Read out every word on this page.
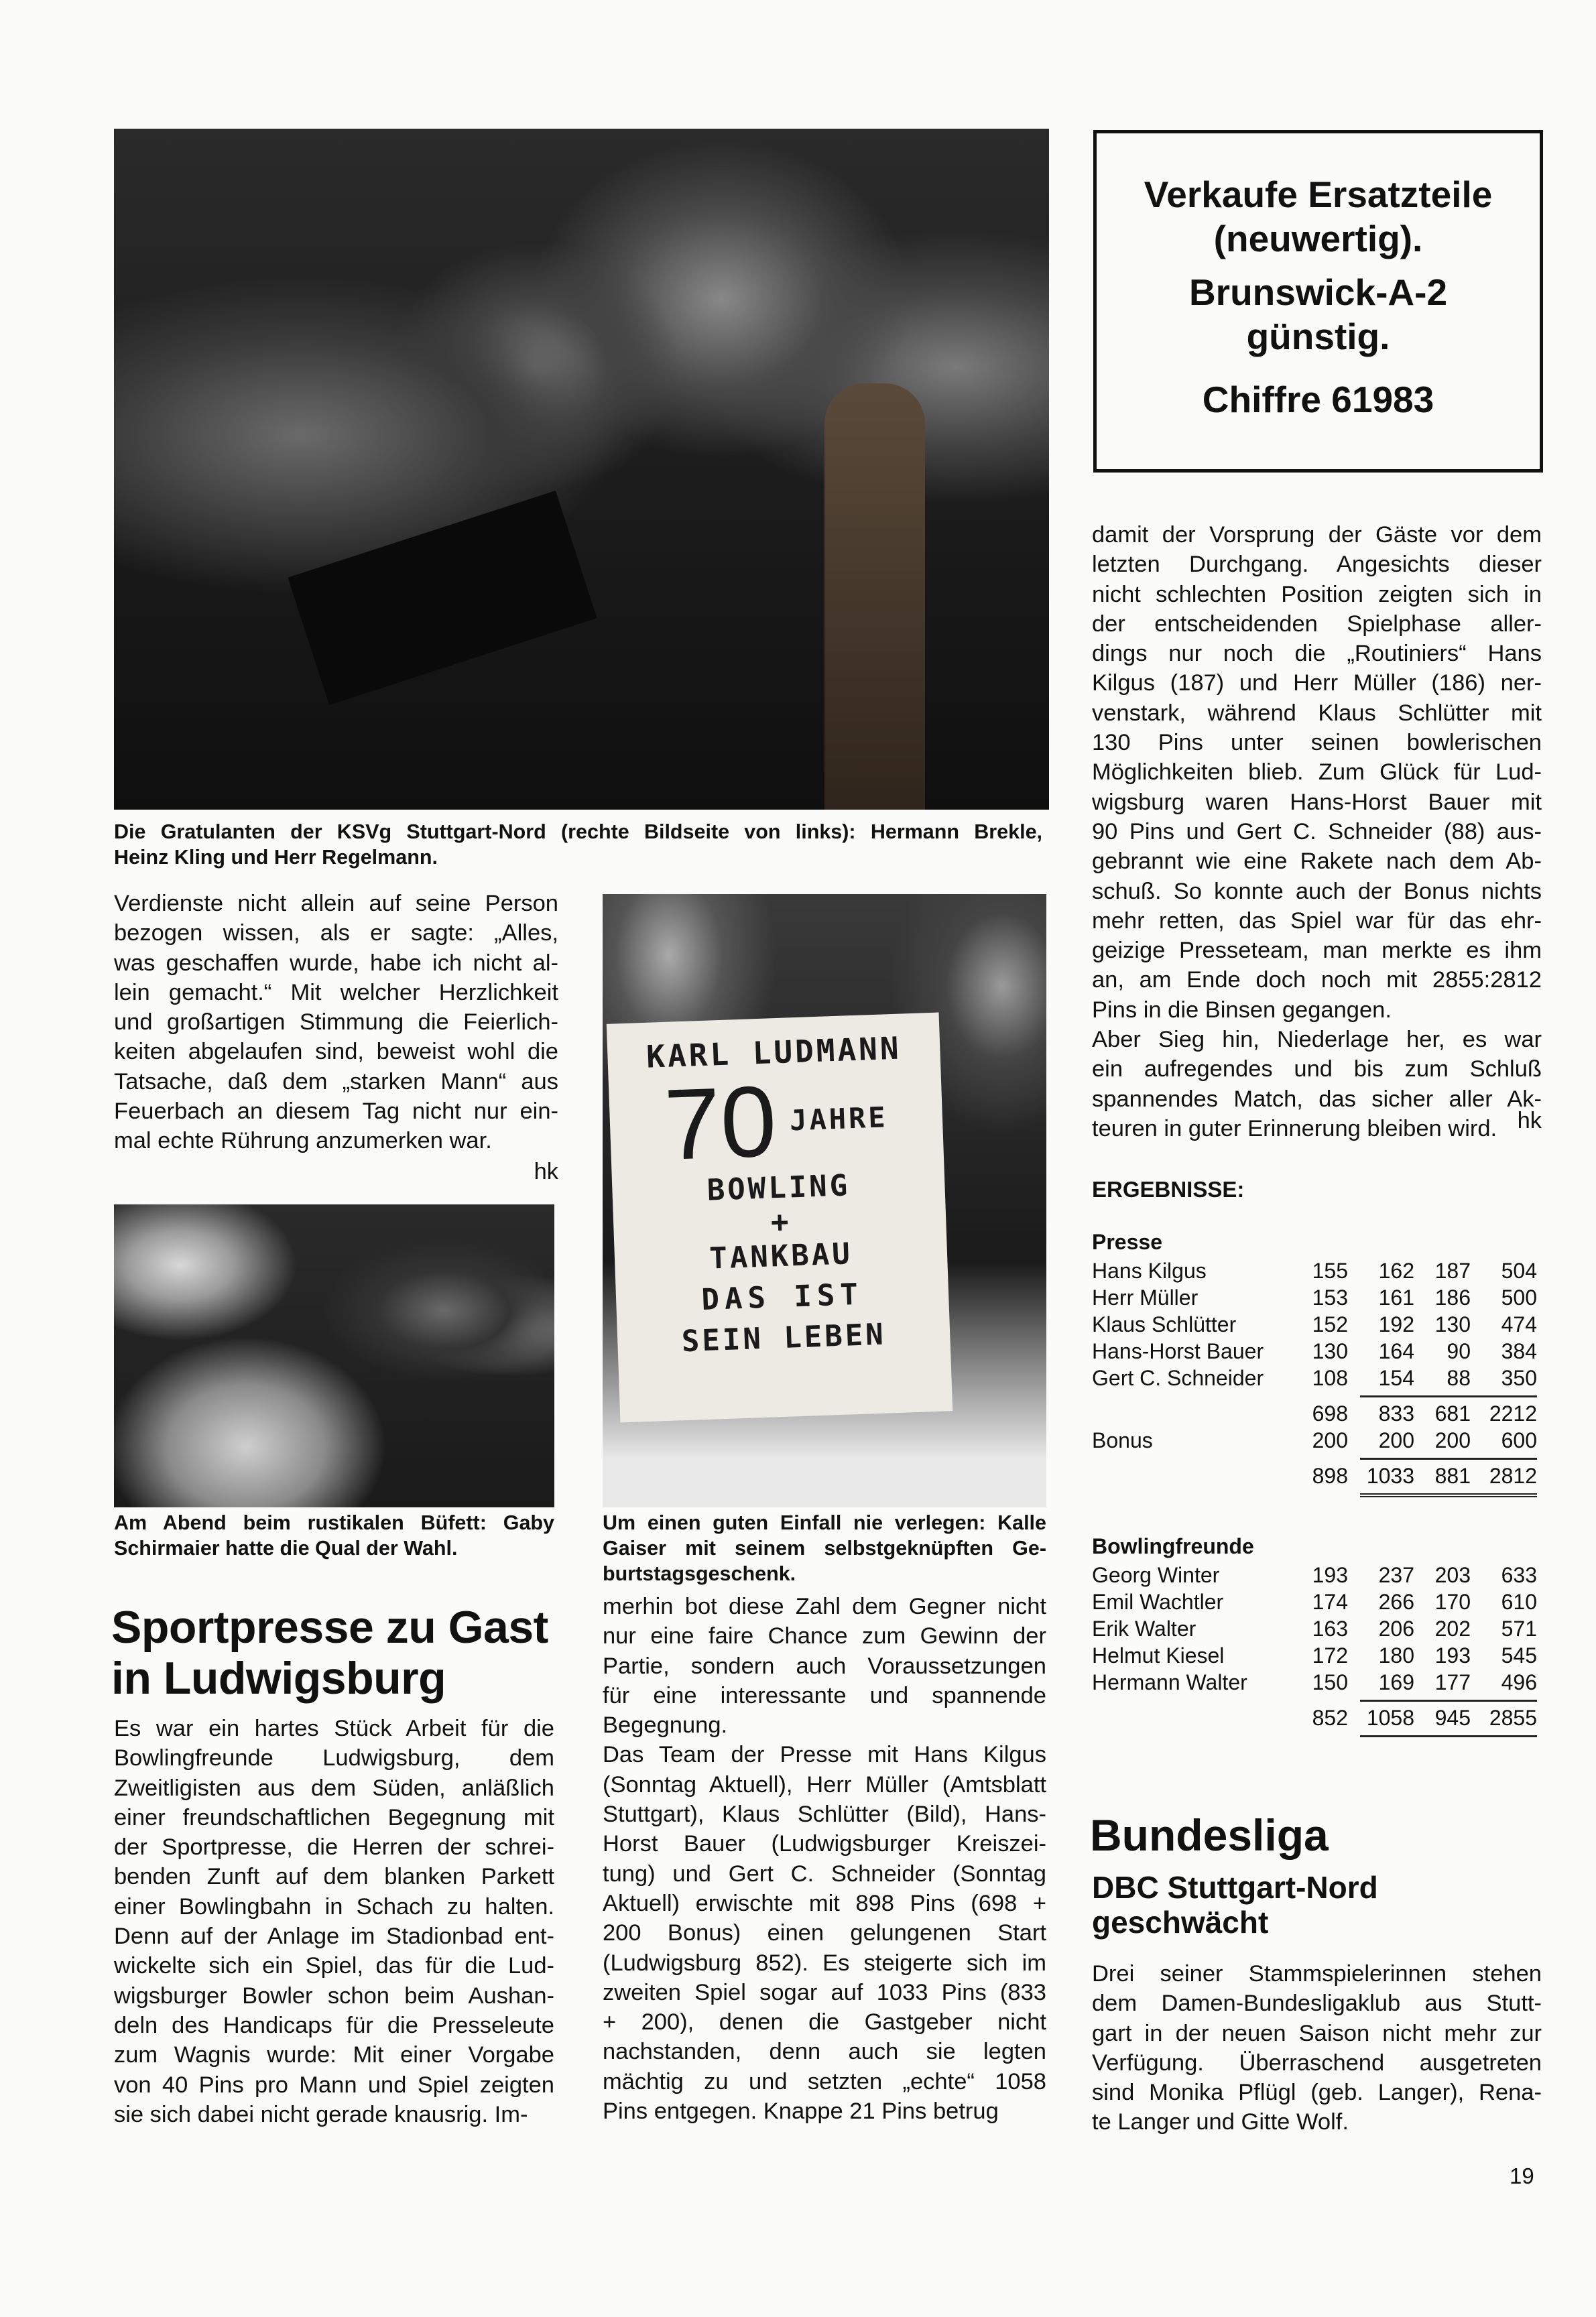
Verkaufe Ersatzteile
(neuwertig).
Brunswick-A-2
günstig.
Chiffre 61983
Die Gratulanten der KSVg Stuttgart-Nord (rechte Bildseite von links): Hermann Brekle,
Heinz Kling und Herr Regelmann.
Verdienste nicht allein auf seine Person
bezogen wissen, als er sagte: „Alles,
was geschaffen wurde, habe ich nicht al-
lein gemacht.“ Mit welcher Herzlichkeit
und großartigen Stimmung die Feierlich-
keiten abgelaufen sind, beweist wohl die
Tatsache, daß dem „starken Mann“ aus
Feuerbach an diesem Tag nicht nur ein-
mal echte Rührung anzumerken war.
hk
Am Abend beim rustikalen Büfett: Gaby
Schirmaier hatte die Qual der Wahl.
Sportpresse zu Gast
in Ludwigsburg
Es war ein hartes Stück Arbeit für die
Bowlingfreunde Ludwigsburg, dem
Zweitligisten aus dem Süden, anläßlich
einer freundschaftlichen Begegnung mit
der Sportpresse, die Herren der schrei-
benden Zunft auf dem blanken Parkett
einer Bowlingbahn in Schach zu halten.
Denn auf der Anlage im Stadionbad ent-
wickelte sich ein Spiel, das für die Lud-
wigsburger Bowler schon beim Aushan-
deln des Handicaps für die Presseleute
zum Wagnis wurde: Mit einer Vorgabe
von 40 Pins pro Mann und Spiel zeigten
sie sich dabei nicht gerade knausrig. Im-
KARL LUDMANN
70 JAHRE
BOWLING
+
TANKBAU
DAS IST
SEIN LEBEN
Um einen guten Einfall nie verlegen: Kalle
Gaiser mit seinem selbstgeknüpften Ge-
burtstagsgeschenk.
merhin bot diese Zahl dem Gegner nicht
nur eine faire Chance zum Gewinn der
Partie, sondern auch Voraussetzungen
für eine interessante und spannende
Begegnung.
Das Team der Presse mit Hans Kilgus
(Sonntag Aktuell), Herr Müller (Amtsblatt
Stuttgart), Klaus Schlütter (Bild), Hans-
Horst Bauer (Ludwigsburger Kreiszei-
tung) und Gert C. Schneider (Sonntag
Aktuell) erwischte mit 898 Pins (698 +
200 Bonus) einen gelungenen Start
(Ludwigsburg 852). Es steigerte sich im
zweiten Spiel sogar auf 1033 Pins (833
+ 200), denen die Gastgeber nicht
nachstanden, denn auch sie legten
mächtig zu und setzten „echte“ 1058
Pins entgegen. Knappe 21 Pins betrug
damit der Vorsprung der Gäste vor dem
letzten Durchgang. Angesichts dieser
nicht schlechten Position zeigten sich in
der entscheidenden Spielphase aller-
dings nur noch die „Routiniers“ Hans
Kilgus (187) und Herr Müller (186) ner-
venstark, während Klaus Schlütter mit
130 Pins unter seinen bowlerischen
Möglichkeiten blieb. Zum Glück für Lud-
wigsburg waren Hans-Horst Bauer mit
90 Pins und Gert C. Schneider (88) aus-
gebrannt wie eine Rakete nach dem Ab-
schuß. So konnte auch der Bonus nichts
mehr retten, das Spiel war für das ehr-
geizige Presseteam, man merkte es ihm
an, am Ende doch noch mit 2855:2812
Pins in die Binsen gegangen.
Aber Sieg hin, Niederlage her, es war
ein aufregendes und bis zum Schluß
spannendes Match, das sicher aller Ak-
teuren in guter Erinnerung bleiben wird. hk
ERGEBNISSE:
Presse
Hans Kilgus	155	162 187	504
Herr Müller	153	161 186	500
Klaus Schlütter	152	192 130	474
Hans-Horst Bauer	130	164	90	384
Gert C. Schneider	108	154	88	350
698	833 681 2212
Bonus	200	200 200	600
898 1033 881 2812
Bowlingfreunde
Georg Winter	193	237 203	633
Emil Wachtler	174	266 170	610
Erik Walter	163	206 202	571
Helmut Kiesel	172	180 193	545
Hermann Walter	150	169 177	496
852 1058 945 2855
Bundesliga
DBC Stuttgart-Nord
geschwächt
Drei seiner Stammspielerinnen stehen
dem Damen-Bundesligaklub aus Stutt-
gart in der neuen Saison nicht mehr zur
Verfügung. Überraschend ausgetreten
sind Monika Pflügl (geb. Langer), Rena-
te Langer und Gitte Wolf.
19
